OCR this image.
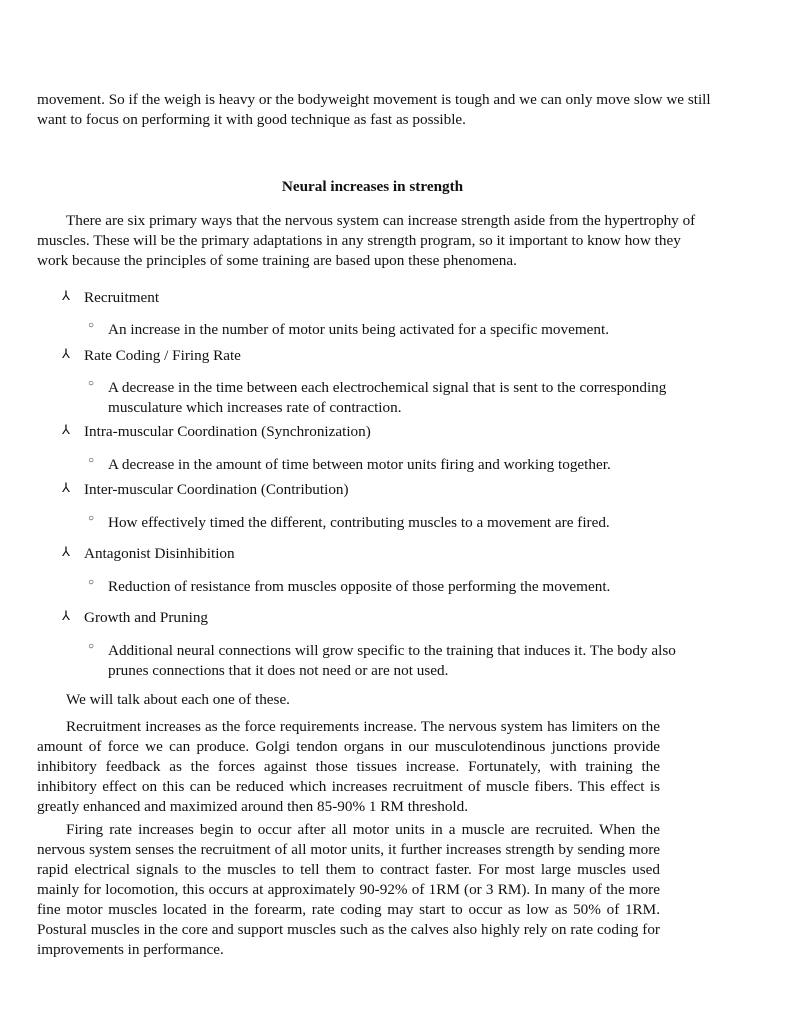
movement. So if the weigh is heavy or the bodyweight movement is tough and we can only move slow we still want to focus on performing it with good technique as fast as possible.

Neural increases in strength

There are six primary ways that the nervous system can increase strength aside from the hypertrophy of muscles. These will be the primary adaptations in any strength program, so it important to know how they work because the principles of some training are based upon these phenomena.

⅄ Recruitment
○ An increase in the number of motor units being activated for a specific movement.
⅄ Rate Coding / Firing Rate
○ A decrease in the time between each electrochemical signal that is sent to the corresponding musculature which increases rate of contraction.
⅄ Intra-muscular Coordination (Synchronization)
○ A decrease in the amount of time between motor units firing and working together.
⅄ Inter-muscular Coordination (Contribution)
○ How effectively timed the different, contributing muscles to a movement are fired.
⅄ Antagonist Disinhibition
○ Reduction of resistance from muscles opposite of those performing the movement.
⅄ Growth and Pruning
○ Additional neural connections will grow specific to the training that induces it. The body also prunes connections that it does not need or are not used.

We will talk about each one of these.

Recruitment increases as the force requirements increase. The nervous system has limiters on the amount of force we can produce. Golgi tendon organs in our musculotendinous junctions provide inhibitory feedback as the forces against those tissues increase. Fortunately, with training the inhibitory effect on this can be reduced which increases recruitment of muscle fibers. This effect is greatly enhanced and maximized around then 85-90% 1 RM threshold.

Firing rate increases begin to occur after all motor units in a muscle are recruited. When the nervous system senses the recruitment of all motor units, it further increases strength by sending more rapid electrical signals to the muscles to tell them to contract faster. For most large muscles used mainly for locomotion, this occurs at approximately 90-92% of 1RM (or 3 RM). In many of the more fine motor muscles located in the forearm, rate coding may start to occur as low as 50% of 1RM. Postural muscles in the core and support muscles such as the calves also highly rely on rate coding for improvements in performance.
